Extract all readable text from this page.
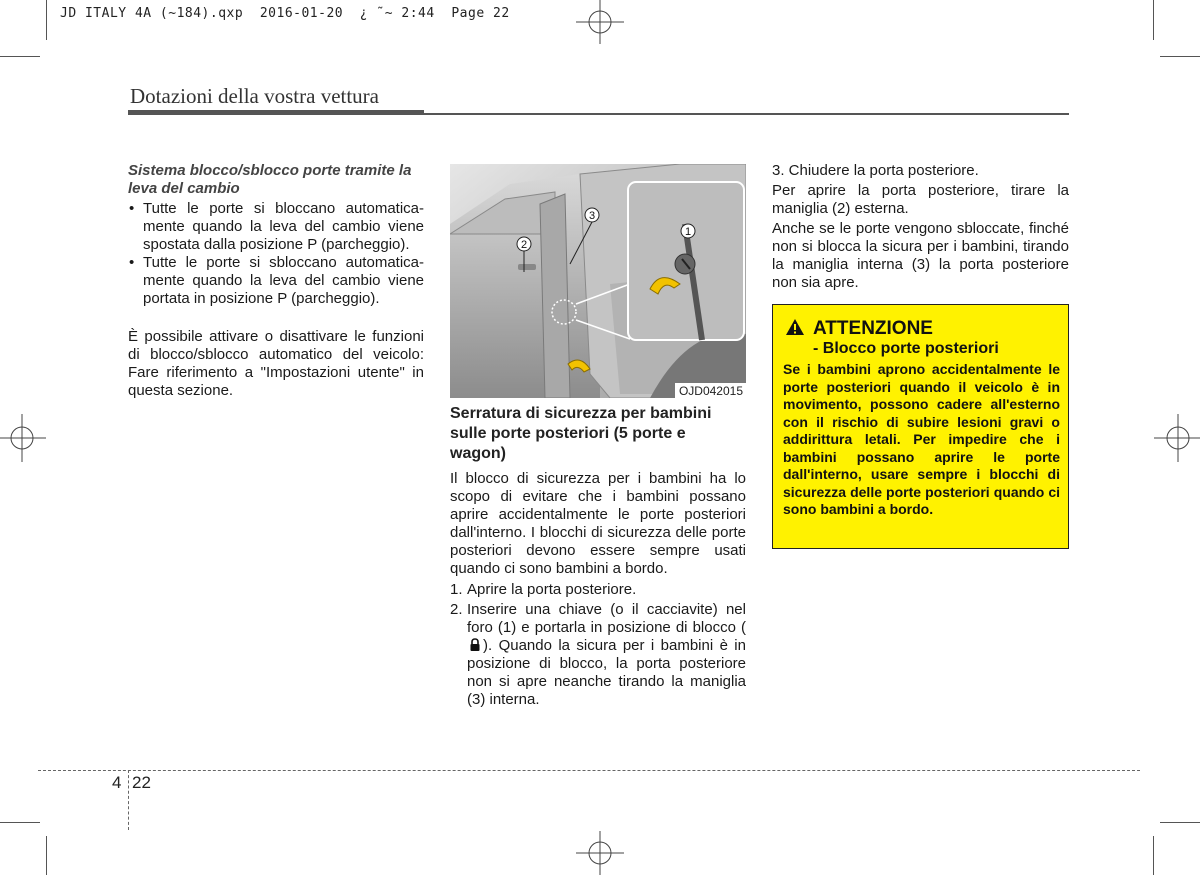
JD ITALY 4A (~184).qxp  2016-01-20  ¿ ˜~ 2:44  Page 22
Dotazioni della vostra vettura

Sistema blocco/sblocco porte tramite la leva del cambio

• Tutte le porte si bloccano automatica-mente quando la leva del cambio viene spostata dalla posizione P (parcheggio).
• Tutte le porte si sbloccano automatica-mente quando la leva del cambio viene portata in posizione P (parcheggio).

È possibile attivare o disattivare le funzioni di blocco/sblocco automatico del veicolo: Fare riferimento a "Impostazioni utente" in questa sezione.

1
2
3
OJD042015

Serratura di sicurezza per bambini sulle porte posteriori (5 porte e wagon)

Il blocco di sicurezza per i bambini ha lo scopo di evitare che i bambini possano aprire accidentalmente le porte posteriori dall'interno. I blocchi di sicurezza delle porte posteriori devono essere sempre usati quando ci sono bambini a bordo.

1. Aprire la porta posteriore.
2. Inserire una chiave (o il cacciavite) nel foro (1) e portarla in posizione di blocco (). Quando la sicura per i bambini è in posizione di blocco, la porta posteriore non si apre neanche tirando la maniglia (3) interna.

3. Chiudere la porta posteriore.

Per aprire la porta posteriore, tirare la maniglia (2) esterna.

Anche se le porte vengono sbloccate, finché non si blocca la sicura per i bambini, tirando la maniglia interna (3) la porta posteriore non sia apre.

ATTENZIONE
- Blocco porte posteriori
Se i bambini aprono accidentalmente le porte posteriori quando il veicolo è in movimento, possono cadere all'esterno con il rischio di subire lesioni gravi o addirittura letali. Per impedire che i bambini possano aprire le porte dall'interno, usare sempre i blocchi di sicurezza delle porte posteriori quando ci sono bambini a bordo.
4 22
